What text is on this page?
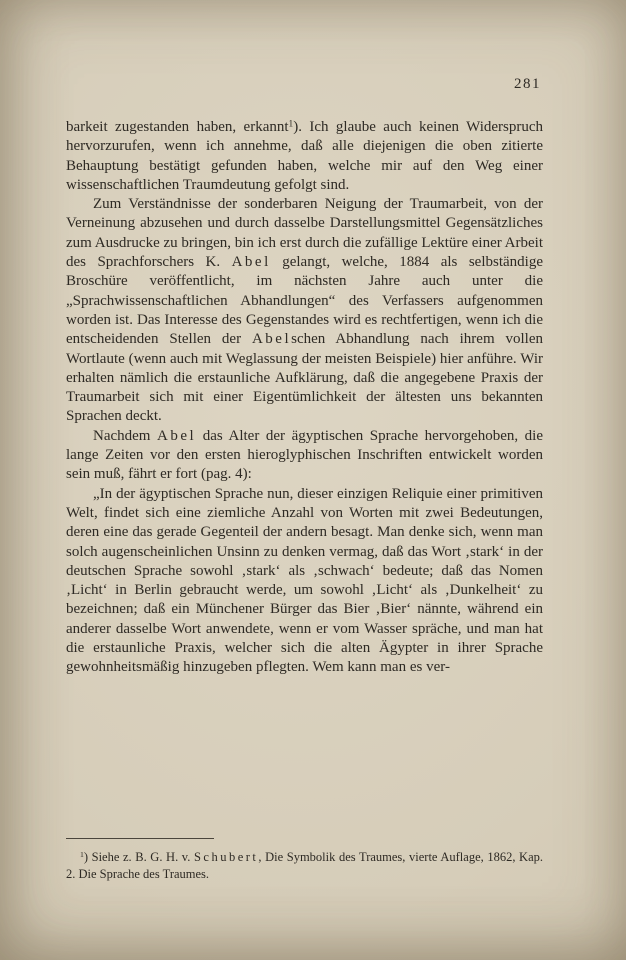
281

barkeit zugestanden haben, erkannt$^1$). Ich glaube auch keinen Widerspruch hervorzurufen, wenn ich annehme, daß alle diejenigen die oben zitierte Behauptung bestätigt gefunden haben, welche mir auf den Weg einer wissenschaftlichen Traumdeutung gefolgt sind.

Zum Verständnisse der sonderbaren Neigung der Traumarbeit, von der Verneinung abzusehen und durch dasselbe Darstellungsmittel Gegensätzliches zum Ausdrucke zu bringen, bin ich erst durch die zufällige Lektüre einer Arbeit des Sprachforschers K. Abel gelangt, welche, 1884 als selbständige Broschüre veröffentlicht, im nächsten Jahre auch unter die „Sprachwissenschaftlichen Abhandlungen“ des Verfassers aufgenommen worden ist. Das Interesse des Gegenstandes wird es rechtfertigen, wenn ich die entscheidenden Stellen der Abelschen Abhandlung nach ihrem vollen Wortlaute (wenn auch mit Weglassung der meisten Beispiele) hier anführe. Wir erhalten nämlich die erstaunliche Aufklärung, daß die angegebene Praxis der Traumarbeit sich mit einer Eigentümlichkeit der ältesten uns bekannten Sprachen deckt.

Nachdem Abel das Alter der ägyptischen Sprache hervorgehoben, die lange Zeiten vor den ersten hieroglyphischen Inschriften entwickelt worden sein muß, fährt er fort (pag. 4):

„In der ägyptischen Sprache nun, dieser einzigen Reliquie einer primitiven Welt, findet sich eine ziemliche Anzahl von Worten mit zwei Bedeutungen, deren eine das gerade Gegenteil der andern besagt. Man denke sich, wenn man solch augenscheinlichen Unsinn zu denken vermag, daß das Wort ‚stark‘ in der deutschen Sprache sowohl ‚stark‘ als ‚schwach‘ bedeute; daß das Nomen ‚Licht‘ in Berlin gebraucht werde, um sowohl ‚Licht‘ als ‚Dunkelheit‘ zu bezeichnen; daß ein Münchener Bürger das Bier ‚Bier‘ nännte, während ein anderer dasselbe Wort anwendete, wenn er vom Wasser spräche, und man hat die erstaunliche Praxis, welcher sich die alten Ägypter in ihrer Sprache gewohnheitsmäßig hinzugeben pflegten. Wem kann man es ver-

$^1$) Siehe z. B. G. H. v. Schubert, Die Symbolik des Traumes, vierte Auflage, 1862, Kap. 2. Die Sprache des Traumes.
